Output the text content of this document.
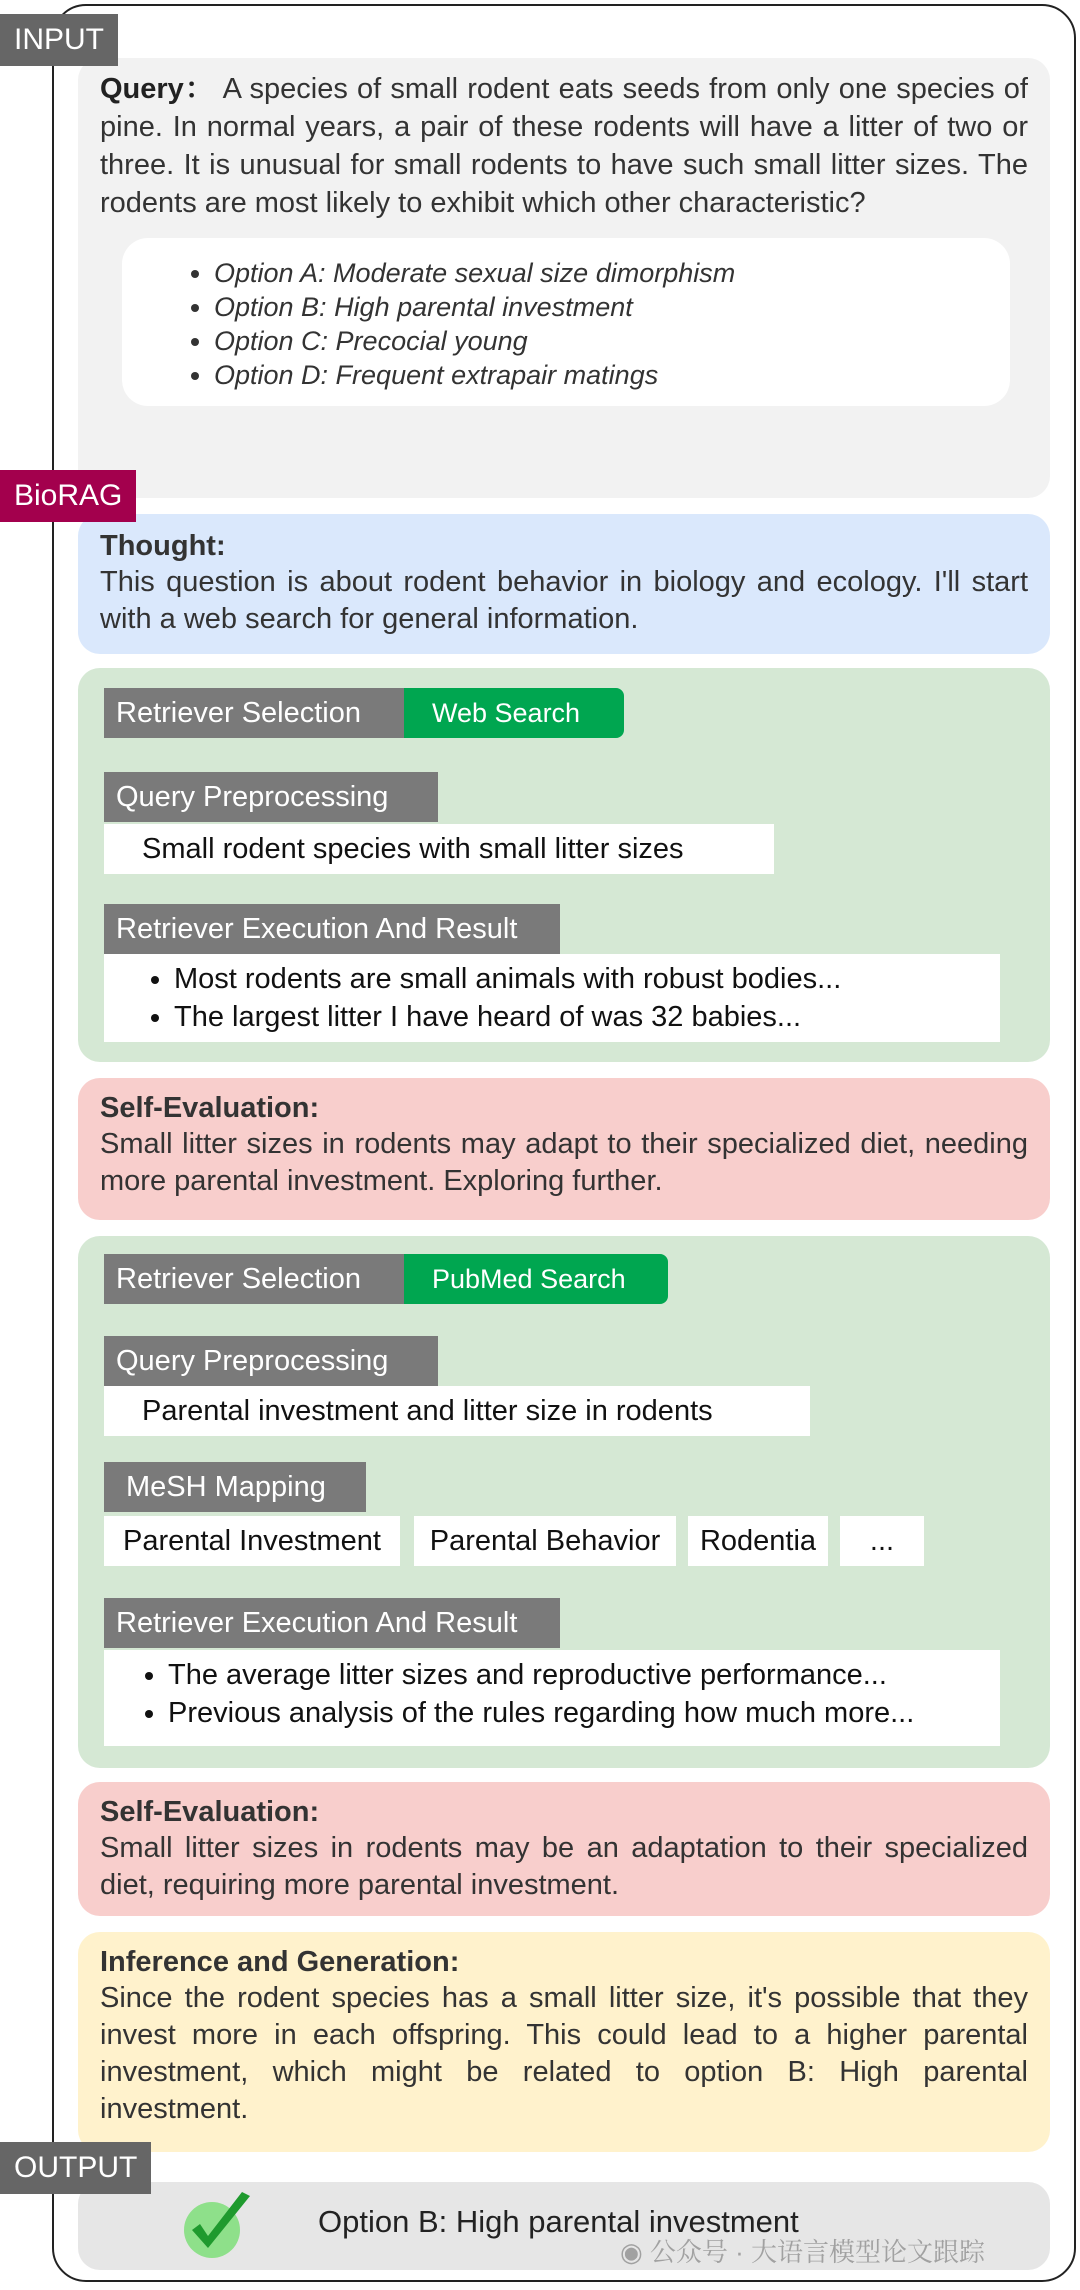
INPUT
Query： A species of small rodent eats seeds from only one species of pine. In normal years, a pair of these rodents will have a litter of two or three. It is unusual for small rodents to have such small litter sizes. The rodents are most likely to exhibit which other characteristic?
• Option A: Moderate sexual size dimorphism
• Option B: High parental investment
• Option C: Precocial young
• Option D: Frequent extrapair matings
BioRAG
Thought:
This question is about rodent behavior in biology and ecology. I'll start with a web search for general information.
Retriever Selection	Web Search
Query Preprocessing
Small rodent species with small litter sizes
Retriever Execution And Result
• Most rodents are small animals with robust bodies...
• The largest litter I have heard of was 32 babies...
Self-Evaluation:
Small litter sizes in rodents may adapt to their specialized diet, needing more parental investment. Exploring further.
Retriever Selection	PubMed Search
Query Preprocessing
Parental investment and litter size in rodents
MeSH Mapping
Parental Investment	Parental Behavior	Rodentia	...
Retriever Execution And Result
• The average litter sizes and reproductive performance...
• Previous analysis of the rules regarding how much more...
Self-Evaluation:
Small litter sizes in rodents may be an adaptation to their specialized diet, requiring more parental investment.
Inference and Generation:
Since the rodent species has a small litter size, it's possible that they invest more in each offspring. This could lead to a higher parental investment, which might be related to option B: High parental investment.
OUTPUT
Option B: High parental investment
◉ 公众号 · 大语言模型论文跟踪
